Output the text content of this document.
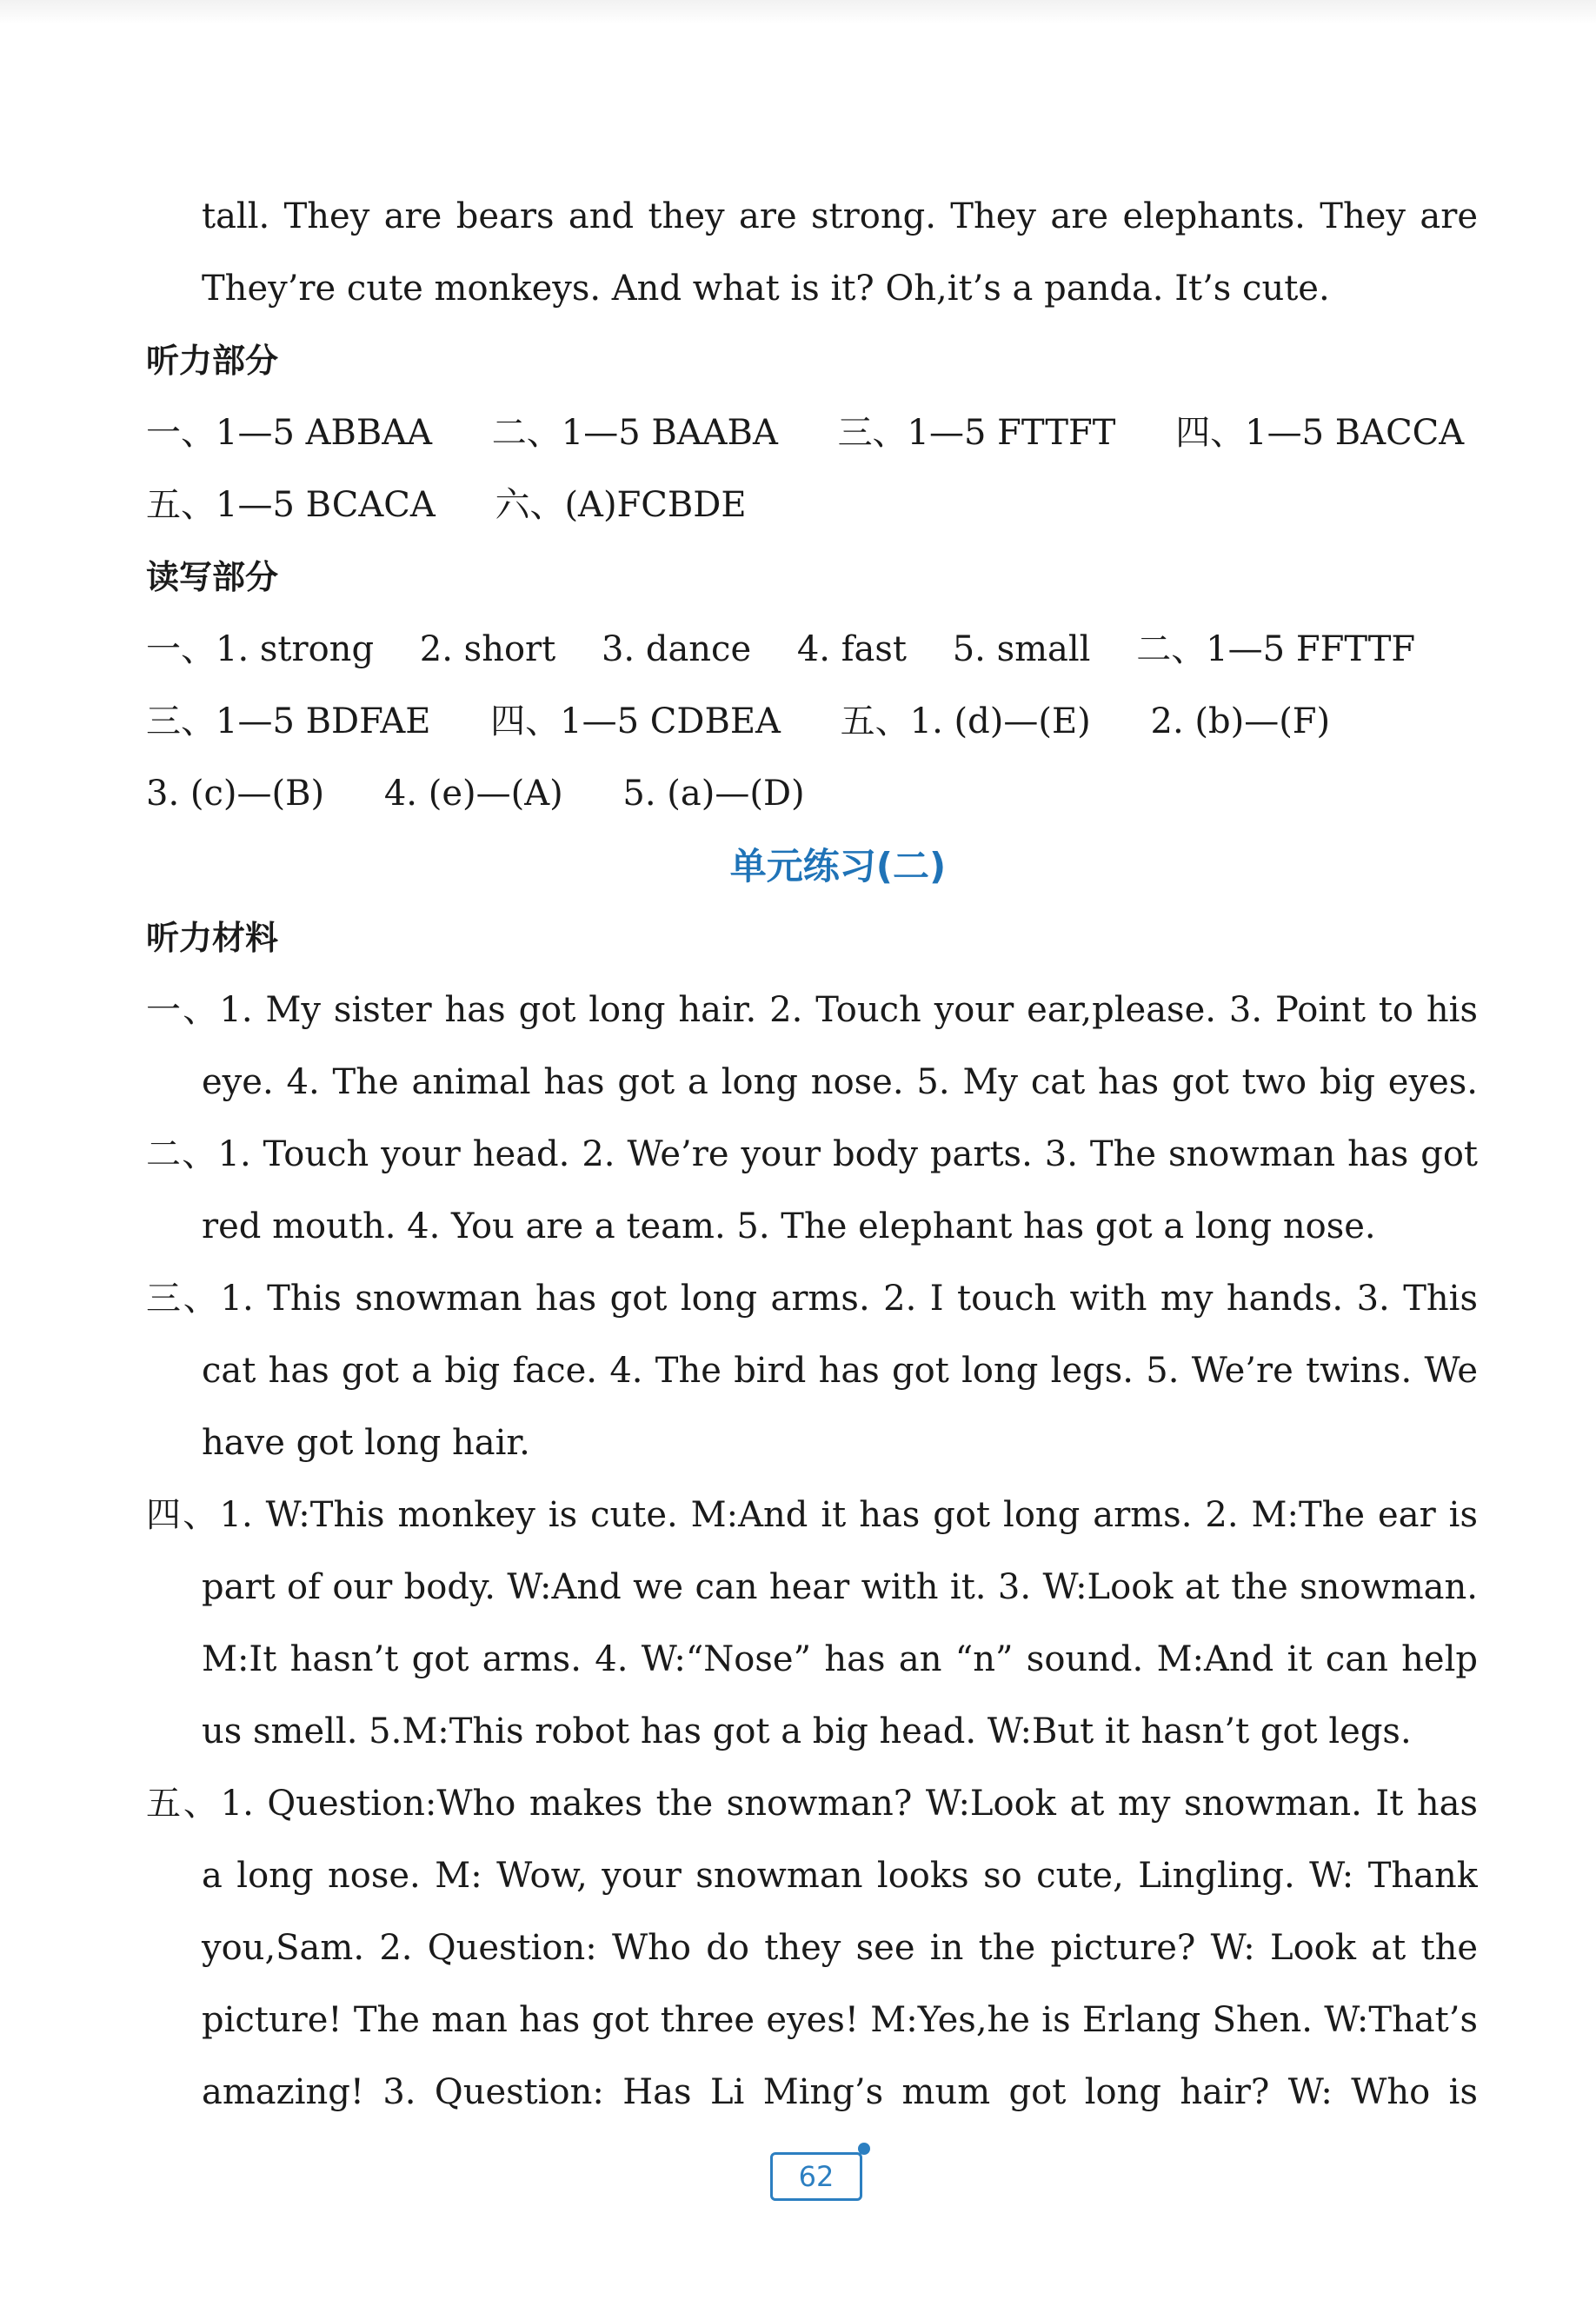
tall. They are bears and they are strong. They are elephants. They are
They’re cute monkeys. And what is it? Oh,it’s a panda. It’s cute.
听力部分
一、1—5 ABBAA 二、1—5 BAABA 三、1—5 FTTFT 四、1—5 BACCA
五、1—5 BCACA 六、(A)FCBDE
读写部分
一、1. strong 2. short 3. dance 4. fast 5. small 二、1—5 FFTTF
三、1—5 BDFAE 四、1—5 CDBEA 五、1. (d)—(E) 2. (b)—(F)
3. (c)—(B) 4. (e)—(A) 5. (a)—(D)
单元练习(二)
听力材料
一、1. My sister has got long hair. 2. Touch your ear,please. 3. Point to his
eye. 4. The animal has got a long nose. 5. My cat has got two big eyes.
二、1. Touch your head. 2. We’re your body parts. 3. The snowman has got
red mouth. 4. You are a team. 5. The elephant has got a long nose.
三、1. This snowman has got long arms. 2. I touch with my hands. 3. This
cat has got a big face. 4. The bird has got long legs. 5. We’re twins. We
have got long hair.
四、1. W:This monkey is cute. M:And it has got long arms. 2. M:The ear is
part of our body. W:And we can hear with it. 3. W:Look at the snowman.
M:It hasn’t got arms. 4. W:“Nose” has an “n” sound. M:And it can help
us smell. 5.M:This robot has got a big head. W:But it hasn’t got legs.
五、1. Question:Who makes the snowman? W:Look at my snowman. It has
a long nose. M: Wow, your snowman looks so cute, Lingling. W: Thank
you,Sam. 2. Question: Who do they see in the picture? W: Look at the
picture! The man has got three eyes! M:Yes,he is Erlang Shen. W:That’s
amazing! 3. Question: Has Li Ming’s mum got long hair? W: Who is
62
